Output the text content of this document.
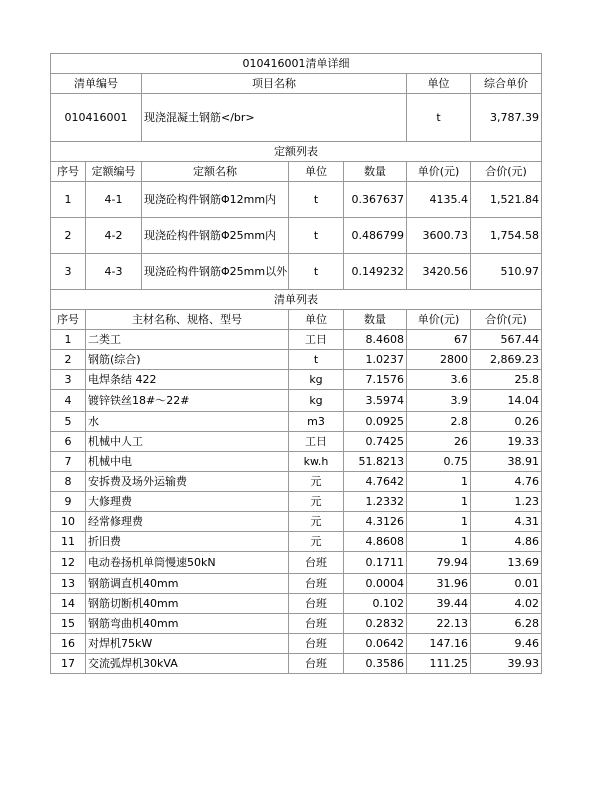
010416001清单详细						
清单编号		项目名称			单位	综合单价
010416001		现浇混凝土钢筋</br>			t	3,787.39
定额列表						
序号	定额编号	定额名称	单位	数量	单价(元)	合价(元)
1	4-1	现浇砼构件钢筋Φ12mm内	t	0.367637	4135.4	1,521.84
2	4-2	现浇砼构件钢筋Φ25mm内	t	0.486799	3600.73	1,754.58
3	4-3	现浇砼构件钢筋Φ25mm以外	t	0.149232	3420.56	510.97
清单列表						
序号	主材名称、规格、型号		单位	数量	单价(元)	合价(元)
1	二类工		工日	8.4608	67	567.44
2	钢筋(综合)		t	1.0237	2800	2,869.23
3	电焊条结 422		kg	7.1576	3.6	25.8
4	镀锌铁丝18#～22#		kg	3.5974	3.9	14.04
5	水		m3	0.0925	2.8	0.26
6	机械中人工		工日	0.7425	26	19.33
7	机械中电		kw.h	51.8213	0.75	38.91
8	安拆费及场外运输费		元	4.7642	1	4.76
9	大修理费		元	1.2332	1	1.23
10	经常修理费		元	4.3126	1	4.31
11	折旧费		元	4.8608	1	4.86
12	电动卷扬机单筒慢速50kN		台班	0.1711	79.94	13.69
13	钢筋调直机40mm		台班	0.0004	31.96	0.01
14	钢筋切断机40mm		台班	0.102	39.44	4.02
15	钢筋弯曲机40mm		台班	0.2832	22.13	6.28
16	对焊机75kW		台班	0.0642	147.16	9.46
17	交流弧焊机30kVA		台班	0.3586	111.25	39.93
